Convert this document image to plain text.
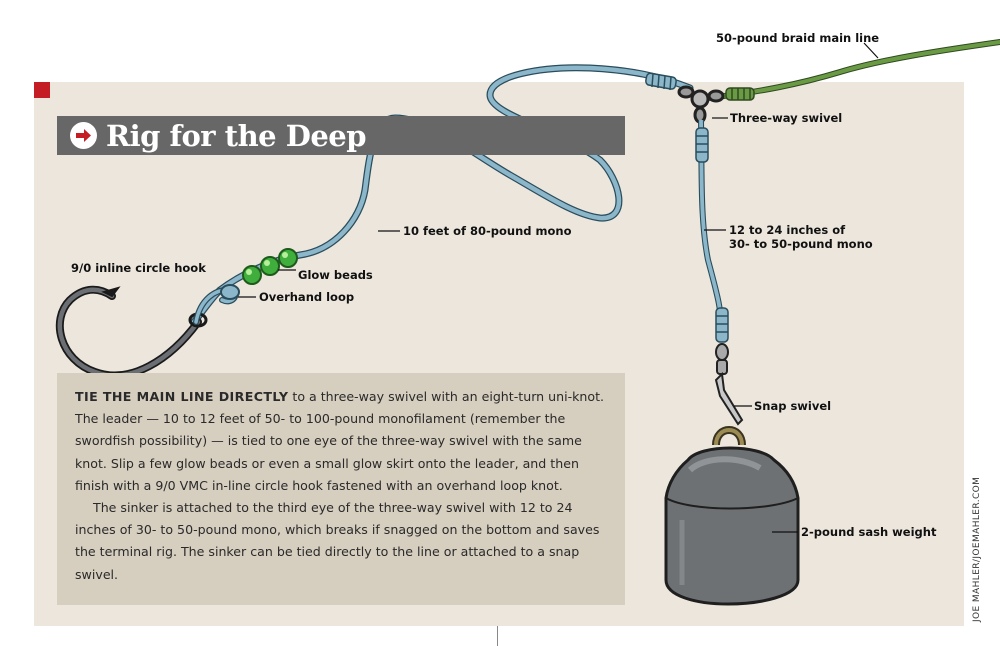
Rig for the Deep
50-pound braid main line
Three-way swivel
10 feet of 80-pound mono	12 to 24 inches of
30- to 50-pound mono
9/0 inline circle hook	Glow beads
Overhand loop
Snap swivel
2-pound sash weight

TIE THE MAIN LINE DIRECTLY to a three-way swivel with an eight-turn uni-knot. The leader — 10 to 12 feet of 50- to 100-pound monofilament (remember the swordfish possibility) — is tied to one eye of the three-way swivel with the same knot. Slip a few glow beads or even a small glow skirt onto the leader, and then finish with a 9/0 VMC in-line circle hook fastened with an overhand loop knot.

The sinker is attached to the third eye of the three-way swivel with 12 to 24 inches of 30- to 50-pound mono, which breaks if snagged on the bottom and saves the terminal rig. The sinker can be tied directly to the line or attached to a snap swivel.	JOE MAHLER/JOEMAHLER.COM
